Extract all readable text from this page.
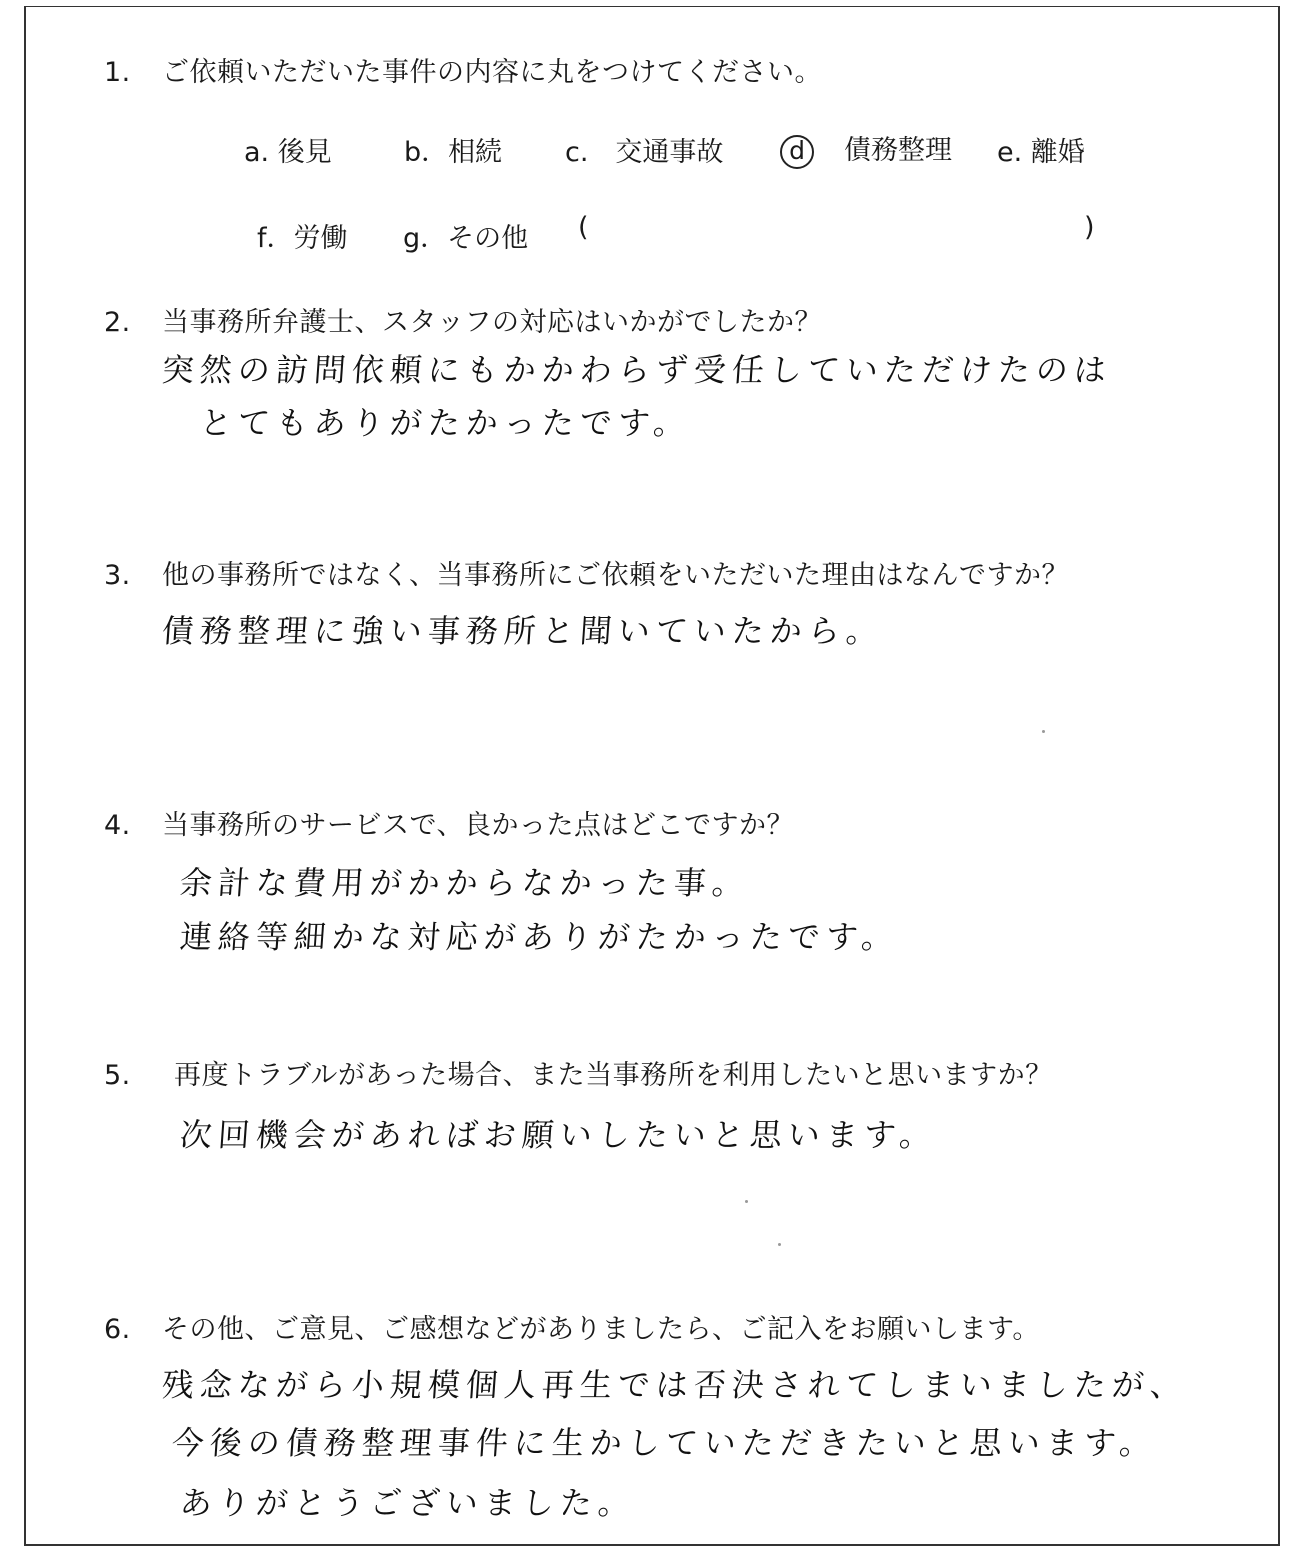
1. ご依頼いただいた事件の内容に丸をつけてください。
a. 後見	b．相続 c.　交通事故	d 債務整理 e. 離婚
f．労働 g．その他 (	)
2. 当事務所弁護士、スタッフの対応はいかがでしたか？
突然の訪問依頼にもかかわらず受任していただけたのは
とてもありがたかったです。
3. 他の事務所ではなく、当事務所にご依頼をいただいた理由はなんですか？
債務整理に強い事務所と聞いていたから。
4. 当事務所のサービスで、良かった点はどこですか？
余計な費用がかからなかった事。
連絡等細かな対応がありがたかったです。
5. 再度トラブルがあった場合、また当事務所を利用したいと思いますか？
次回機会があればお願いしたいと思います。
6. その他、ご意見、ご感想などがありましたら、ご記入をお願いします。
残念ながら小規模個人再生では否決されてしまいましたが、
今後の債務整理事件に生かしていただきたいと思います。
ありがとうございました。
